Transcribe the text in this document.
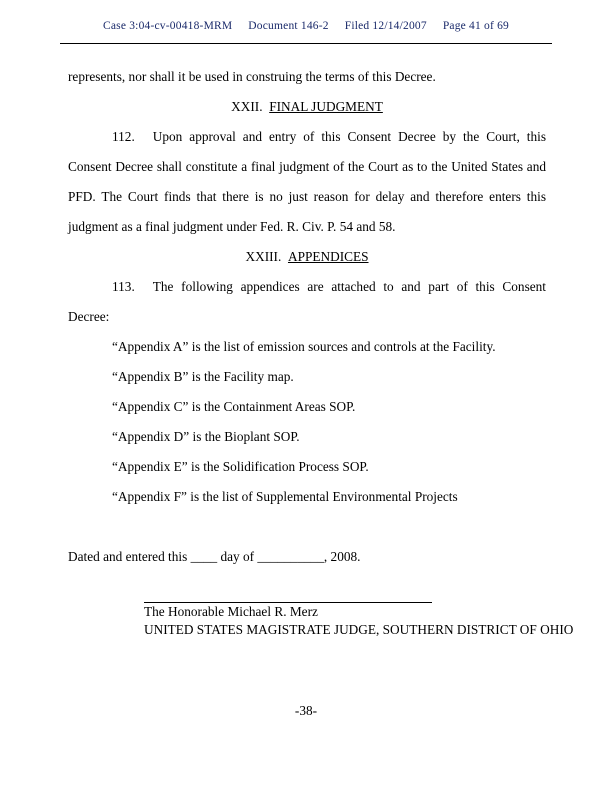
Case 3:04-cv-00418-MRM Document 146-2 Filed 12/14/2007 Page 41 of 69

represents, nor shall it be used in construing the terms of this Decree.

XXII. FINAL JUDGMENT

112. Upon approval and entry of this Consent Decree by the Court, this Consent Decree shall constitute a final judgment of the Court as to the United States and PFD. The Court finds that there is no just reason for delay and therefore enters this judgment as a final judgment under Fed. R. Civ. P. 54 and 58.

XXIII. APPENDICES

113. The following appendices are attached to and part of this Consent Decree:

“Appendix A” is the list of emission sources and controls at the Facility.

“Appendix B” is the Facility map.

“Appendix C” is the Containment Areas SOP.

“Appendix D” is the Bioplant SOP.

“Appendix E” is the Solidification Process SOP.

“Appendix F” is the list of Supplemental Environmental Projects

Dated and entered this ____ day of __________, 2008.

The Honorable Michael R. Merz
UNITED STATES MAGISTRATE JUDGE, SOUTHERN DISTRICT OF OHIO
-38-
